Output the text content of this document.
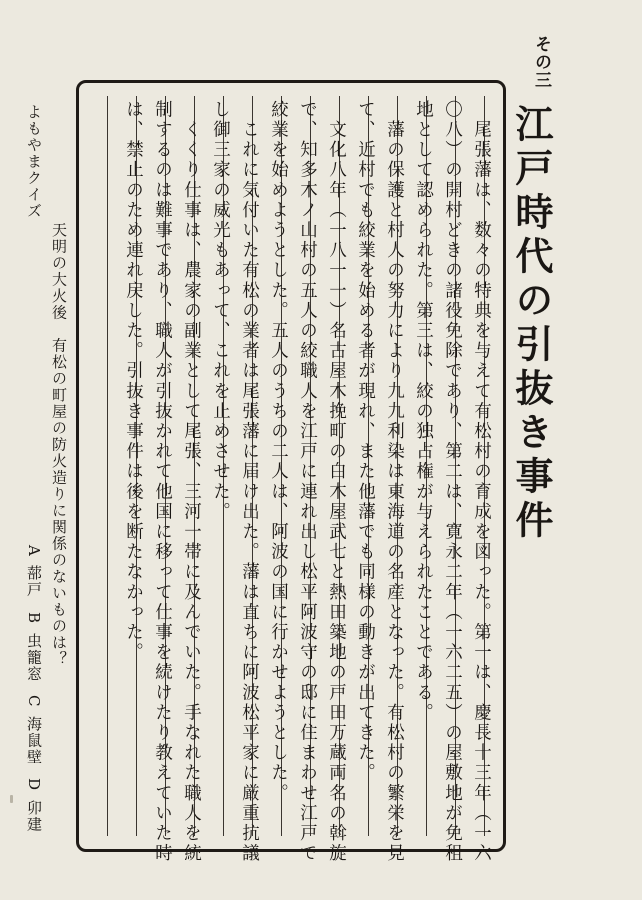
その三
江戸時代の引抜き事件
　尾張藩は、数々の特典を与えて有松村の育成を図った。第一は、慶長十三年（一六
〇八）の開村どきの諸役免除であり、第二は、寛永二年（一六二五）の屋敷地が免租
地として認められた。第三は、絞の独占権が与えられたことである。
　藩の保護と村人の努力により九九利染は東海道の名産となった。有松村の繁栄を見
て、近村でも絞業を始める者が現れ、また他藩でも同様の動きが出てきた。
　文化八年（一八一一）名古屋木挽町の白木屋武七と熱田築地の戸田万蔵両名の斡旋
で、知多木ノ山村の五人の絞職人を江戸に連れ出し松平阿波守の邸に住まわせ江戸で
絞業を始めようとした。五人のうちの二人は、阿波の国に行かせようとした。
　これに気付いた有松の業者は尾張藩に届け出た。藩は直ちに阿波松平家に厳重抗議
し御三家の威光もあって、これを止めさせた。
　くくり仕事は、農家の副業として尾張、三河一帯に及んでいた。手なれた職人を統
制するのは難事であり、職人が引抜かれて他国に移って仕事を続けたり教えていた時
は、禁止のため連れ戻した。引抜き事件は後を断たなかった。
よもやまクイズ
天明の大火後　有松の町屋の防火造りに関係のないものは？
A蔀戸
B虫籠窓
C海鼠壁
D卯建
